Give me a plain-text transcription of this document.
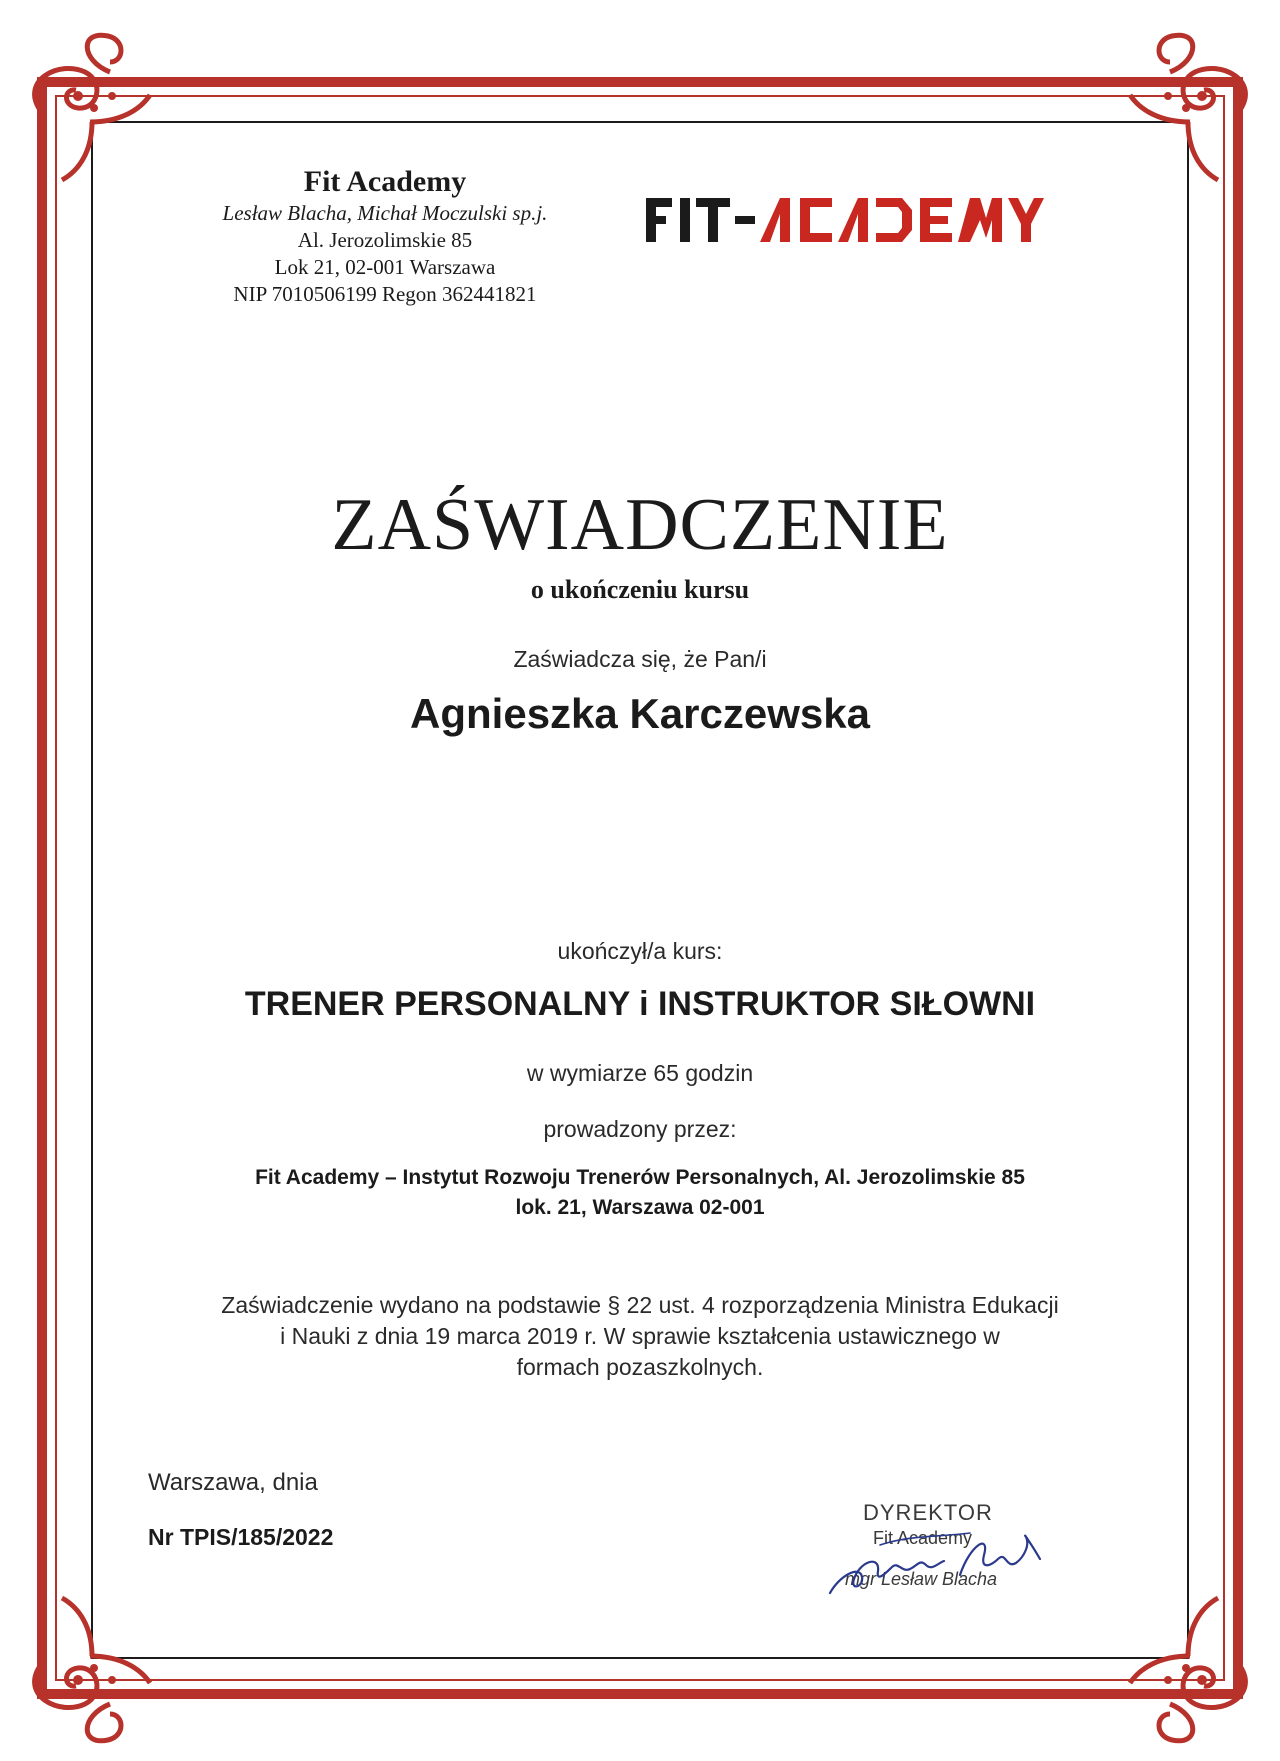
Fit Academy
Lesław Blacha, Michał Moczulski sp.j.
Al. Jerozolimskie 85
Lok 21, 02-001 Warszawa
NIP 7010506199 Regon 362441821
ZAŚWIADCZENIE
o ukończeniu kursu
Zaświadcza się, że Pan/i
Agnieszka Karczewska
ukończył/a kurs:
TRENER PERSONALNY i INSTRUKTOR SIŁOWNI
w wymiarze 65 godzin
prowadzony przez:
Fit Academy – Instytut Rozwoju Trenerów Personalnych, Al. Jerozolimskie 85
lok. 21, Warszawa 02-001
Zaświadczenie wydano na podstawie § 22 ust. 4 rozporządzenia Ministra Edukacji
i Nauki z dnia 19 marca 2019 r. W sprawie kształcenia ustawicznego w
formach pozaszkolnych.
Warszawa, dnia
Nr TPIS/185/2022
DYREKTOR
Fit Academy
mgr Lesław Blacha
